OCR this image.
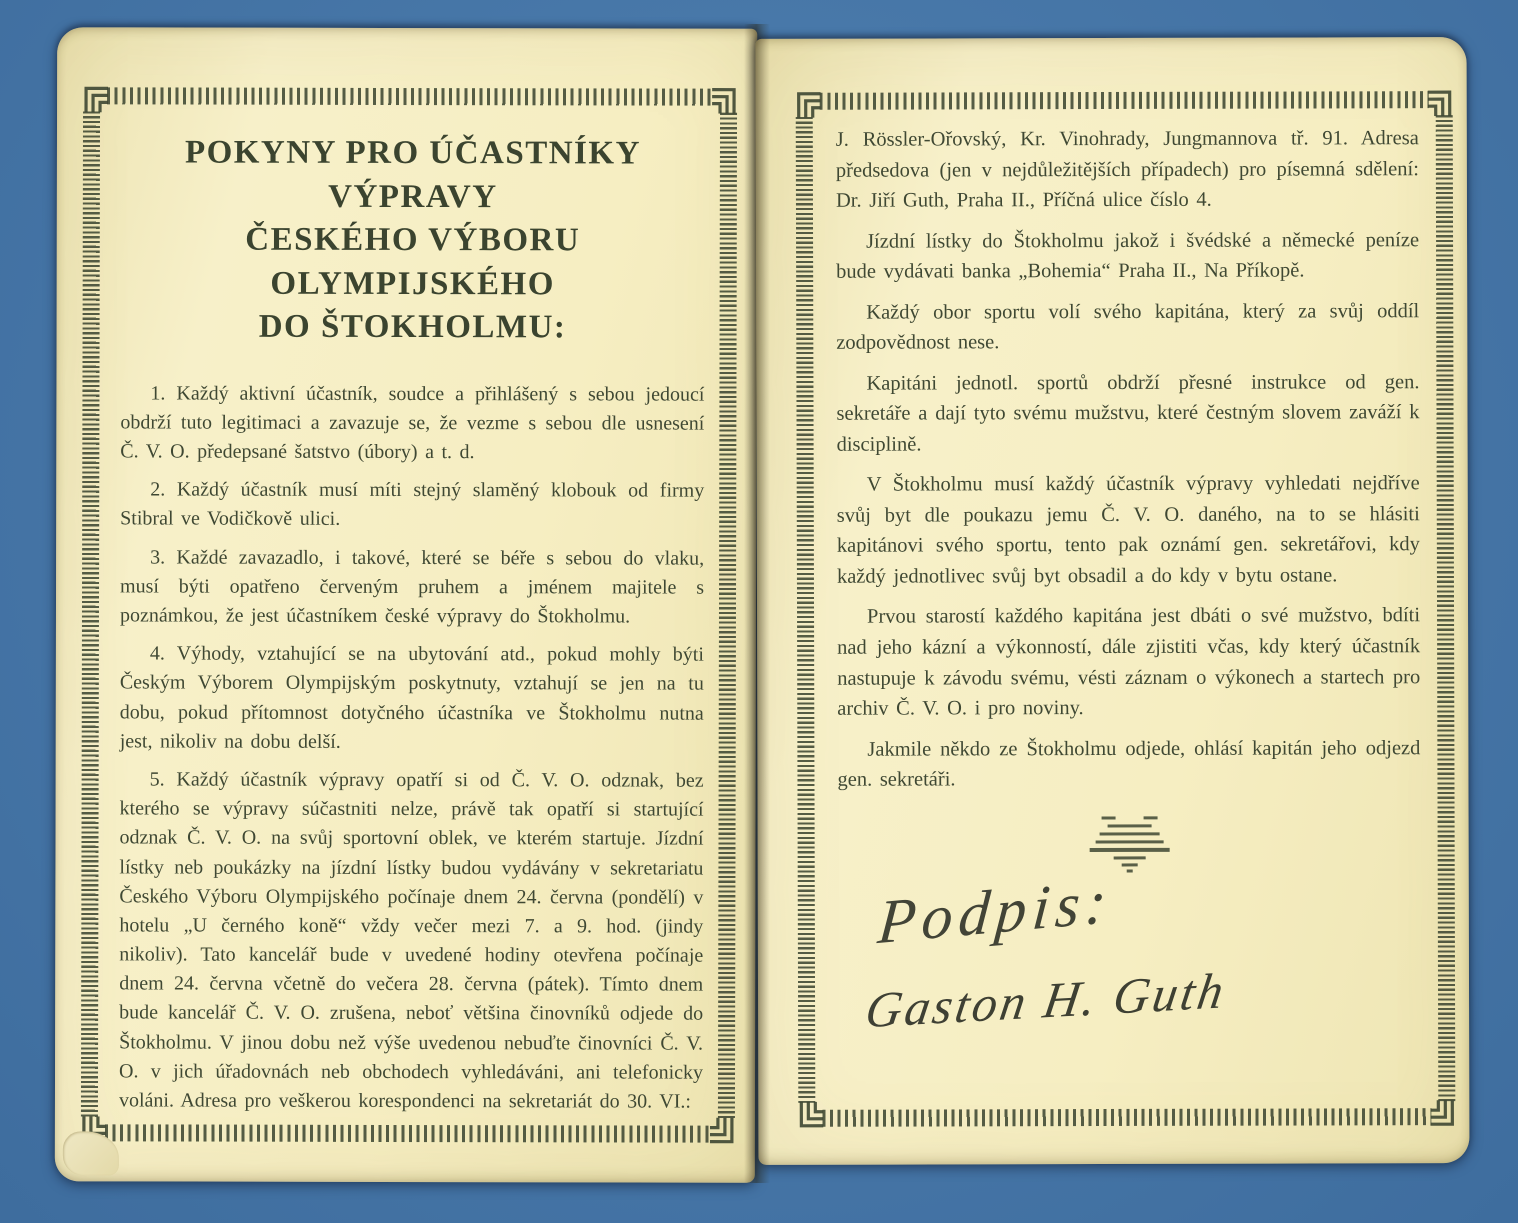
POKYNY PRO ÚČASTNÍKY VÝPRAVY
ČESKÉHO VÝBORU OLYMPIJSKÉHO
DO ŠTOKHOLMU:

1. Každý aktivní účastník, soudce a přihlášený s sebou jedoucí obdrží tuto legitimaci a zavazuje se, že vezme s sebou dle usnesení Č. V. O. předepsané šatstvo (úbory) a t. d.

2. Každý účastník musí míti stejný slaměný klobouk od firmy Stibral ve Vodičkově ulici.

3. Každé zavazadlo, i takové, které se béře s sebou do vlaku, musí býti opatřeno červeným pruhem a jménem majitele s poznámkou, že jest účastníkem české výpravy do Štokholmu.

4. Výhody, vztahující se na ubytování atd., pokud mohly býti Českým Výborem Olympijským poskytnuty, vztahují se jen na tu dobu, pokud přítomnost dotyčného účastníka ve Štokholmu nutna jest, nikoliv na dobu delší.

5. Každý účastník výpravy opatří si od Č. V. O. odznak, bez kterého se výpravy súčastniti nelze, právě tak opatří si startující odznak Č. V. O. na svůj sportovní oblek, ve kterém startuje. Jízdní lístky neb poukázky na jízdní lístky budou vydávány v sekretariatu Českého Výboru Olympijského počínaje dnem 24. června (pondělí) v hotelu „U černého koně“ vždy večer mezi 7. a 9. hod. (jindy nikoliv). Tato kancelář bude v uvedené hodiny otevřena počínaje dnem 24. června včetně do večera 28. června (pátek). Tímto dnem bude kancelář Č. V. O. zrušena, neboť většina činovníků odjede do Štokholmu. V jinou dobu než výše uvedenou nebuďte činovníci Č. V. O. v jich úřadovnách neb obchodech vyhledáváni, ani telefonicky voláni. Adresa pro veškerou korespondenci na sekretariát do 30. VI.:

J. Rössler-Ořovský, Kr. Vinohrady, Jungmannova tř. 91. Adresa předsedova (jen v nejdůležitějších případech) pro písemná sdělení: Dr. Jiří Guth, Praha II., Příčná ulice číslo 4.

Jízdní lístky do Štokholmu jakož i švédské a německé peníze bude vydávati banka „Bohemia“ Praha II., Na Příkopě.

Každý obor sportu volí svého kapitána, který za svůj oddíl zodpovědnost nese.

Kapitáni jednotl. sportů obdrží přesné instrukce od gen. sekretáře a dají tyto svému mužstvu, které čestným slovem zaváží k disciplině.

V Štokholmu musí každý účastník výpravy vyhledati nejdříve svůj byt dle poukazu jemu Č. V. O. daného, na to se hlásiti kapitánovi svého sportu, tento pak oznámí gen. sekretářovi, kdy každý jednotlivec svůj byt obsadil a do kdy v bytu ostane.

Prvou starostí každého kapitána jest dbáti o své mužstvo, bdíti nad jeho kázní a výkonností, dále zjistiti včas, kdy který účastník nastupuje k závodu svému, vésti záznam o výkonech a startech pro archiv Č. V. O. i pro noviny.

Jakmile někdo ze Štokholmu odjede, ohlásí kapitán jeho odjezd gen. sekretáři.

Podpis:
Gaston H. Guth
